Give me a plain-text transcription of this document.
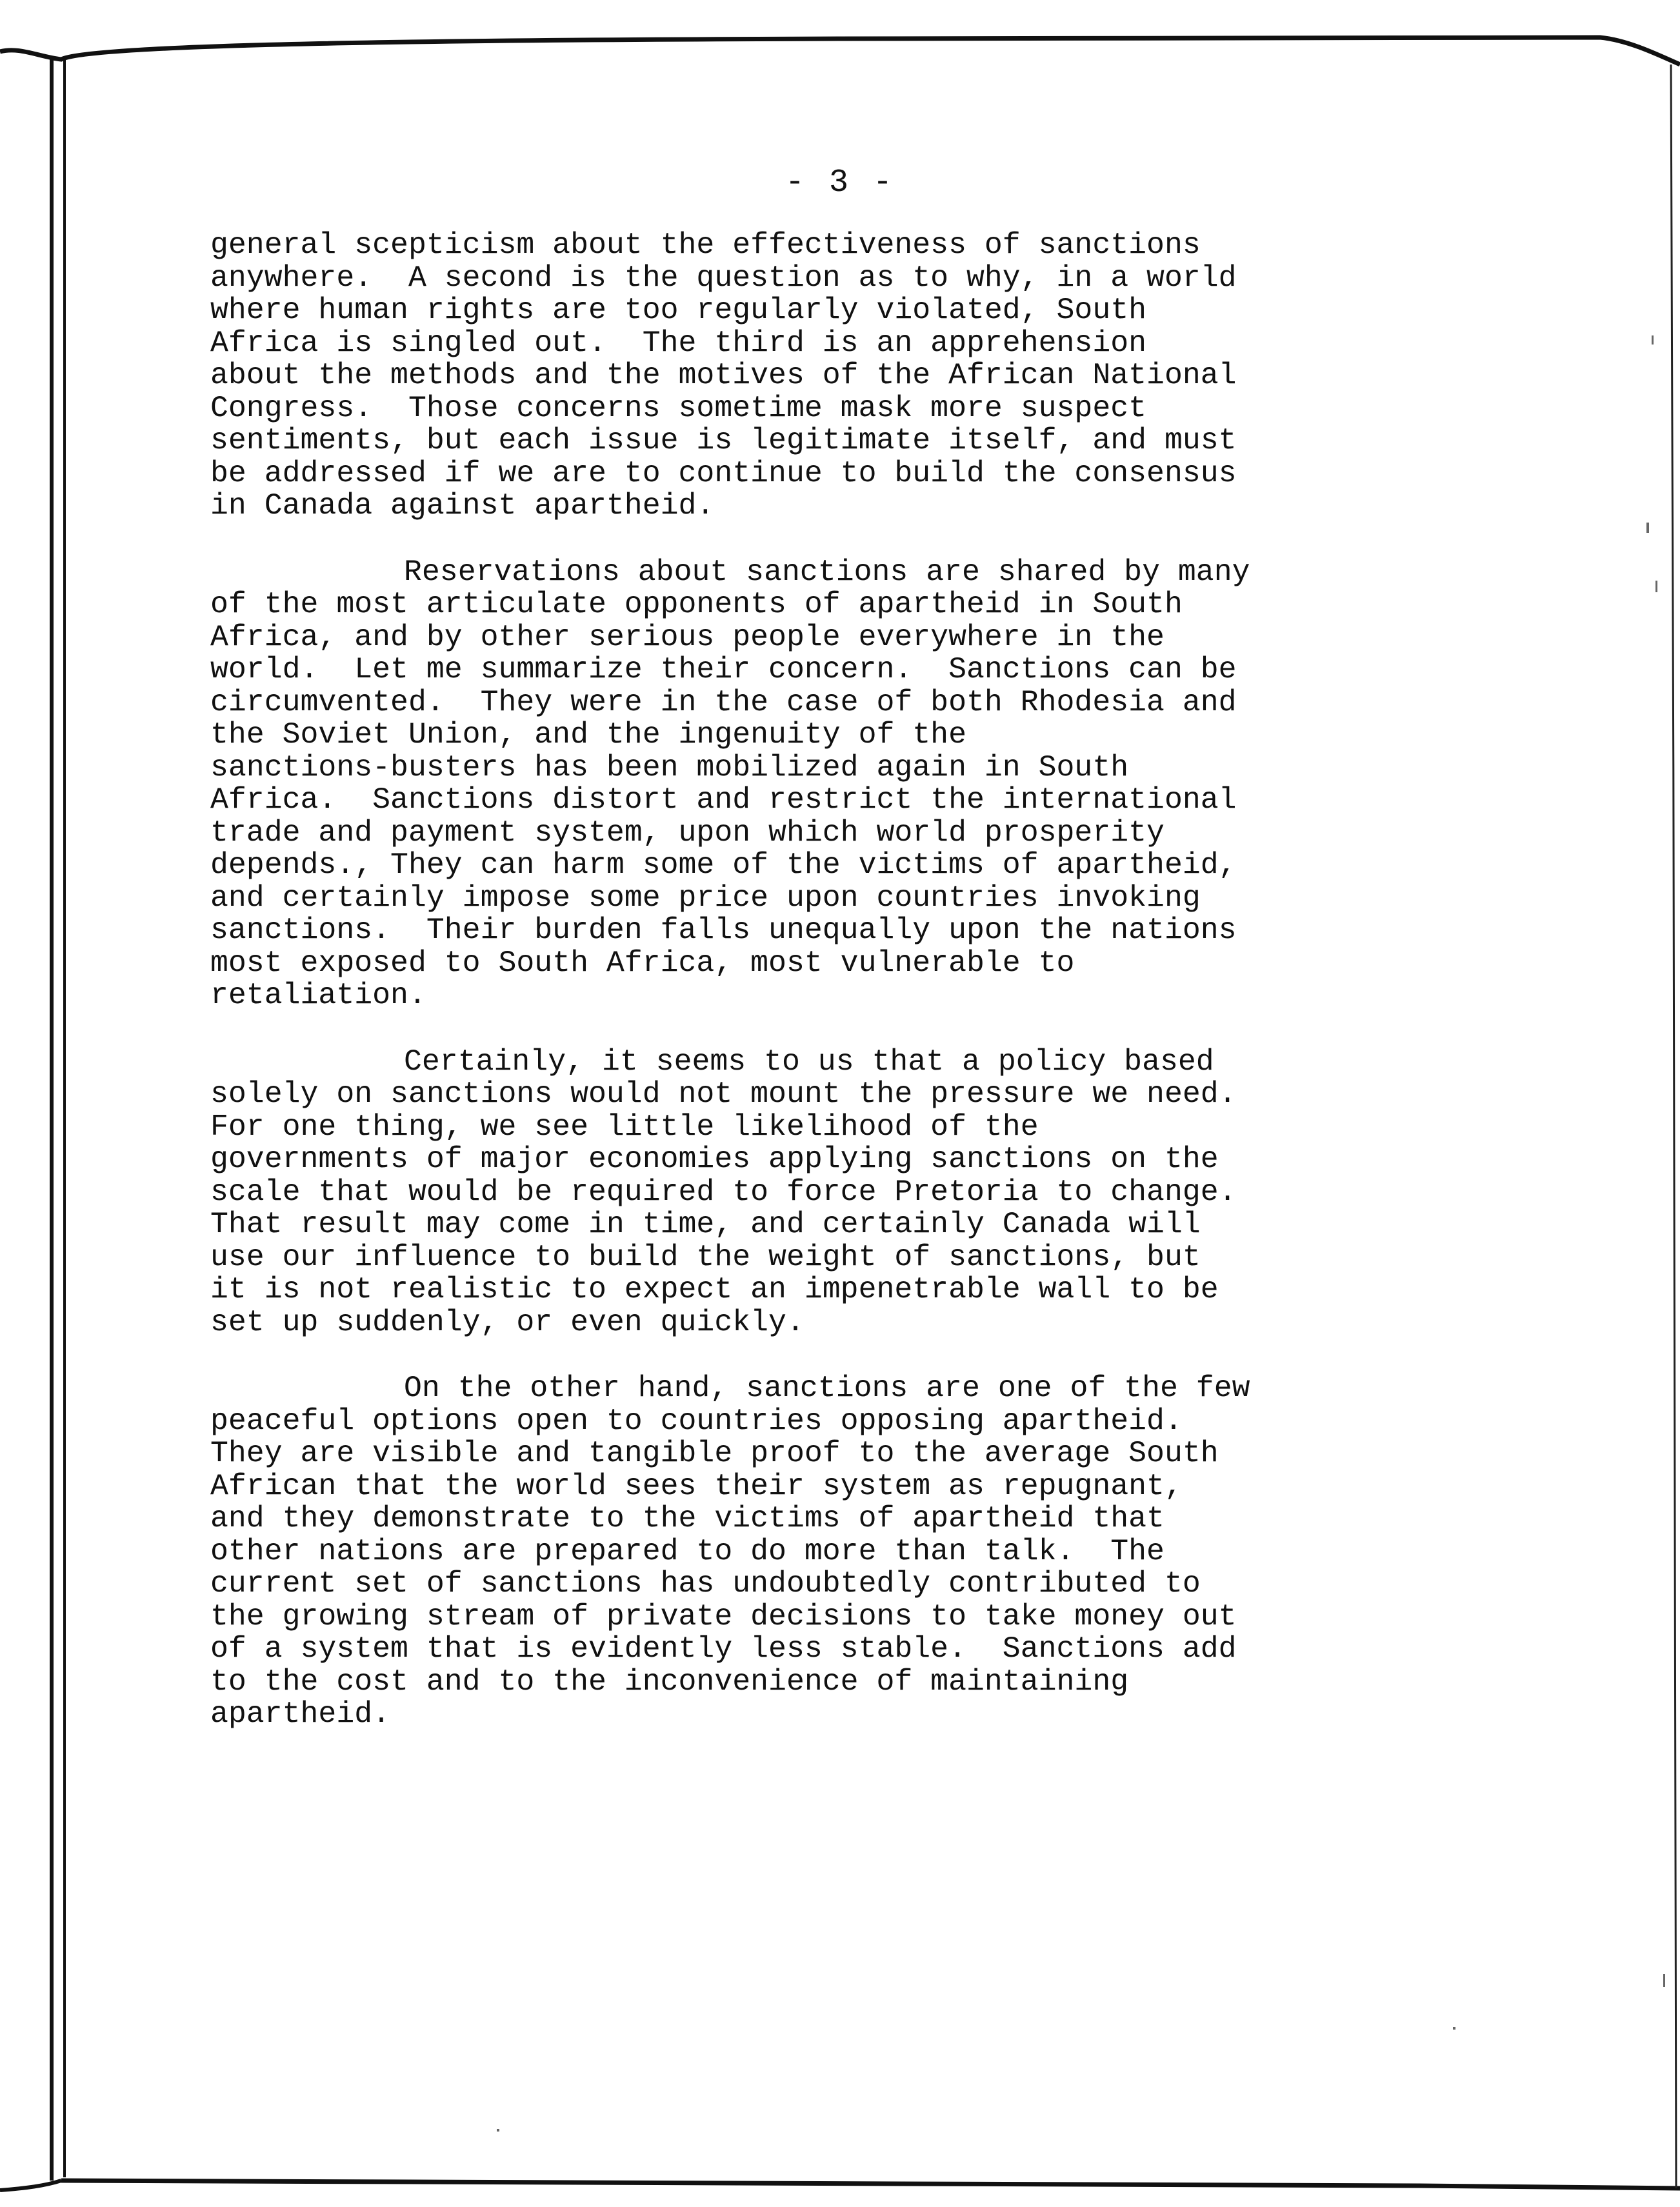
- 3 -

general scepticism about the effectiveness of sanctions
anywhere.  A second is the question as to why, in a world
where human rights are too regularly violated, South
Africa is singled out.  The third is an apprehension
about the methods and the motives of the African National
Congress.  Those concerns sometime mask more suspect
sentiments, but each issue is legitimate itself, and must
be addressed if we are to continue to build the consensus
in Canada against apartheid.

Reservations about sanctions are shared by many
of the most articulate opponents of apartheid in South
Africa, and by other serious people everywhere in the
world.  Let me summarize their concern.  Sanctions can be
circumvented.  They were in the case of both Rhodesia and
the Soviet Union, and the ingenuity of the
sanctions-busters has been mobilized again in South
Africa.  Sanctions distort and restrict the international
trade and payment system, upon which world prosperity
depends., They can harm some of the victims of apartheid,
and certainly impose some price upon countries invoking
sanctions.  Their burden falls unequally upon the nations
most exposed to South Africa, most vulnerable to
retaliation.

Certainly, it seems to us that a policy based
solely on sanctions would not mount the pressure we need.
For one thing, we see little likelihood of the
governments of major economies applying sanctions on the
scale that would be required to force Pretoria to change.
That result may come in time, and certainly Canada will
use our influence to build the weight of sanctions, but
it is not realistic to expect an impenetrable wall to be
set up suddenly, or even quickly.

On the other hand, sanctions are one of the few
peaceful options open to countries opposing apartheid.
They are visible and tangible proof to the average South
African that the world sees their system as repugnant,
and they demonstrate to the victims of apartheid that
other nations are prepared to do more than talk.  The
current set of sanctions has undoubtedly contributed to
the growing stream of private decisions to take money out
of a system that is evidently less stable.  Sanctions add
to the cost and to the inconvenience of maintaining
apartheid.
